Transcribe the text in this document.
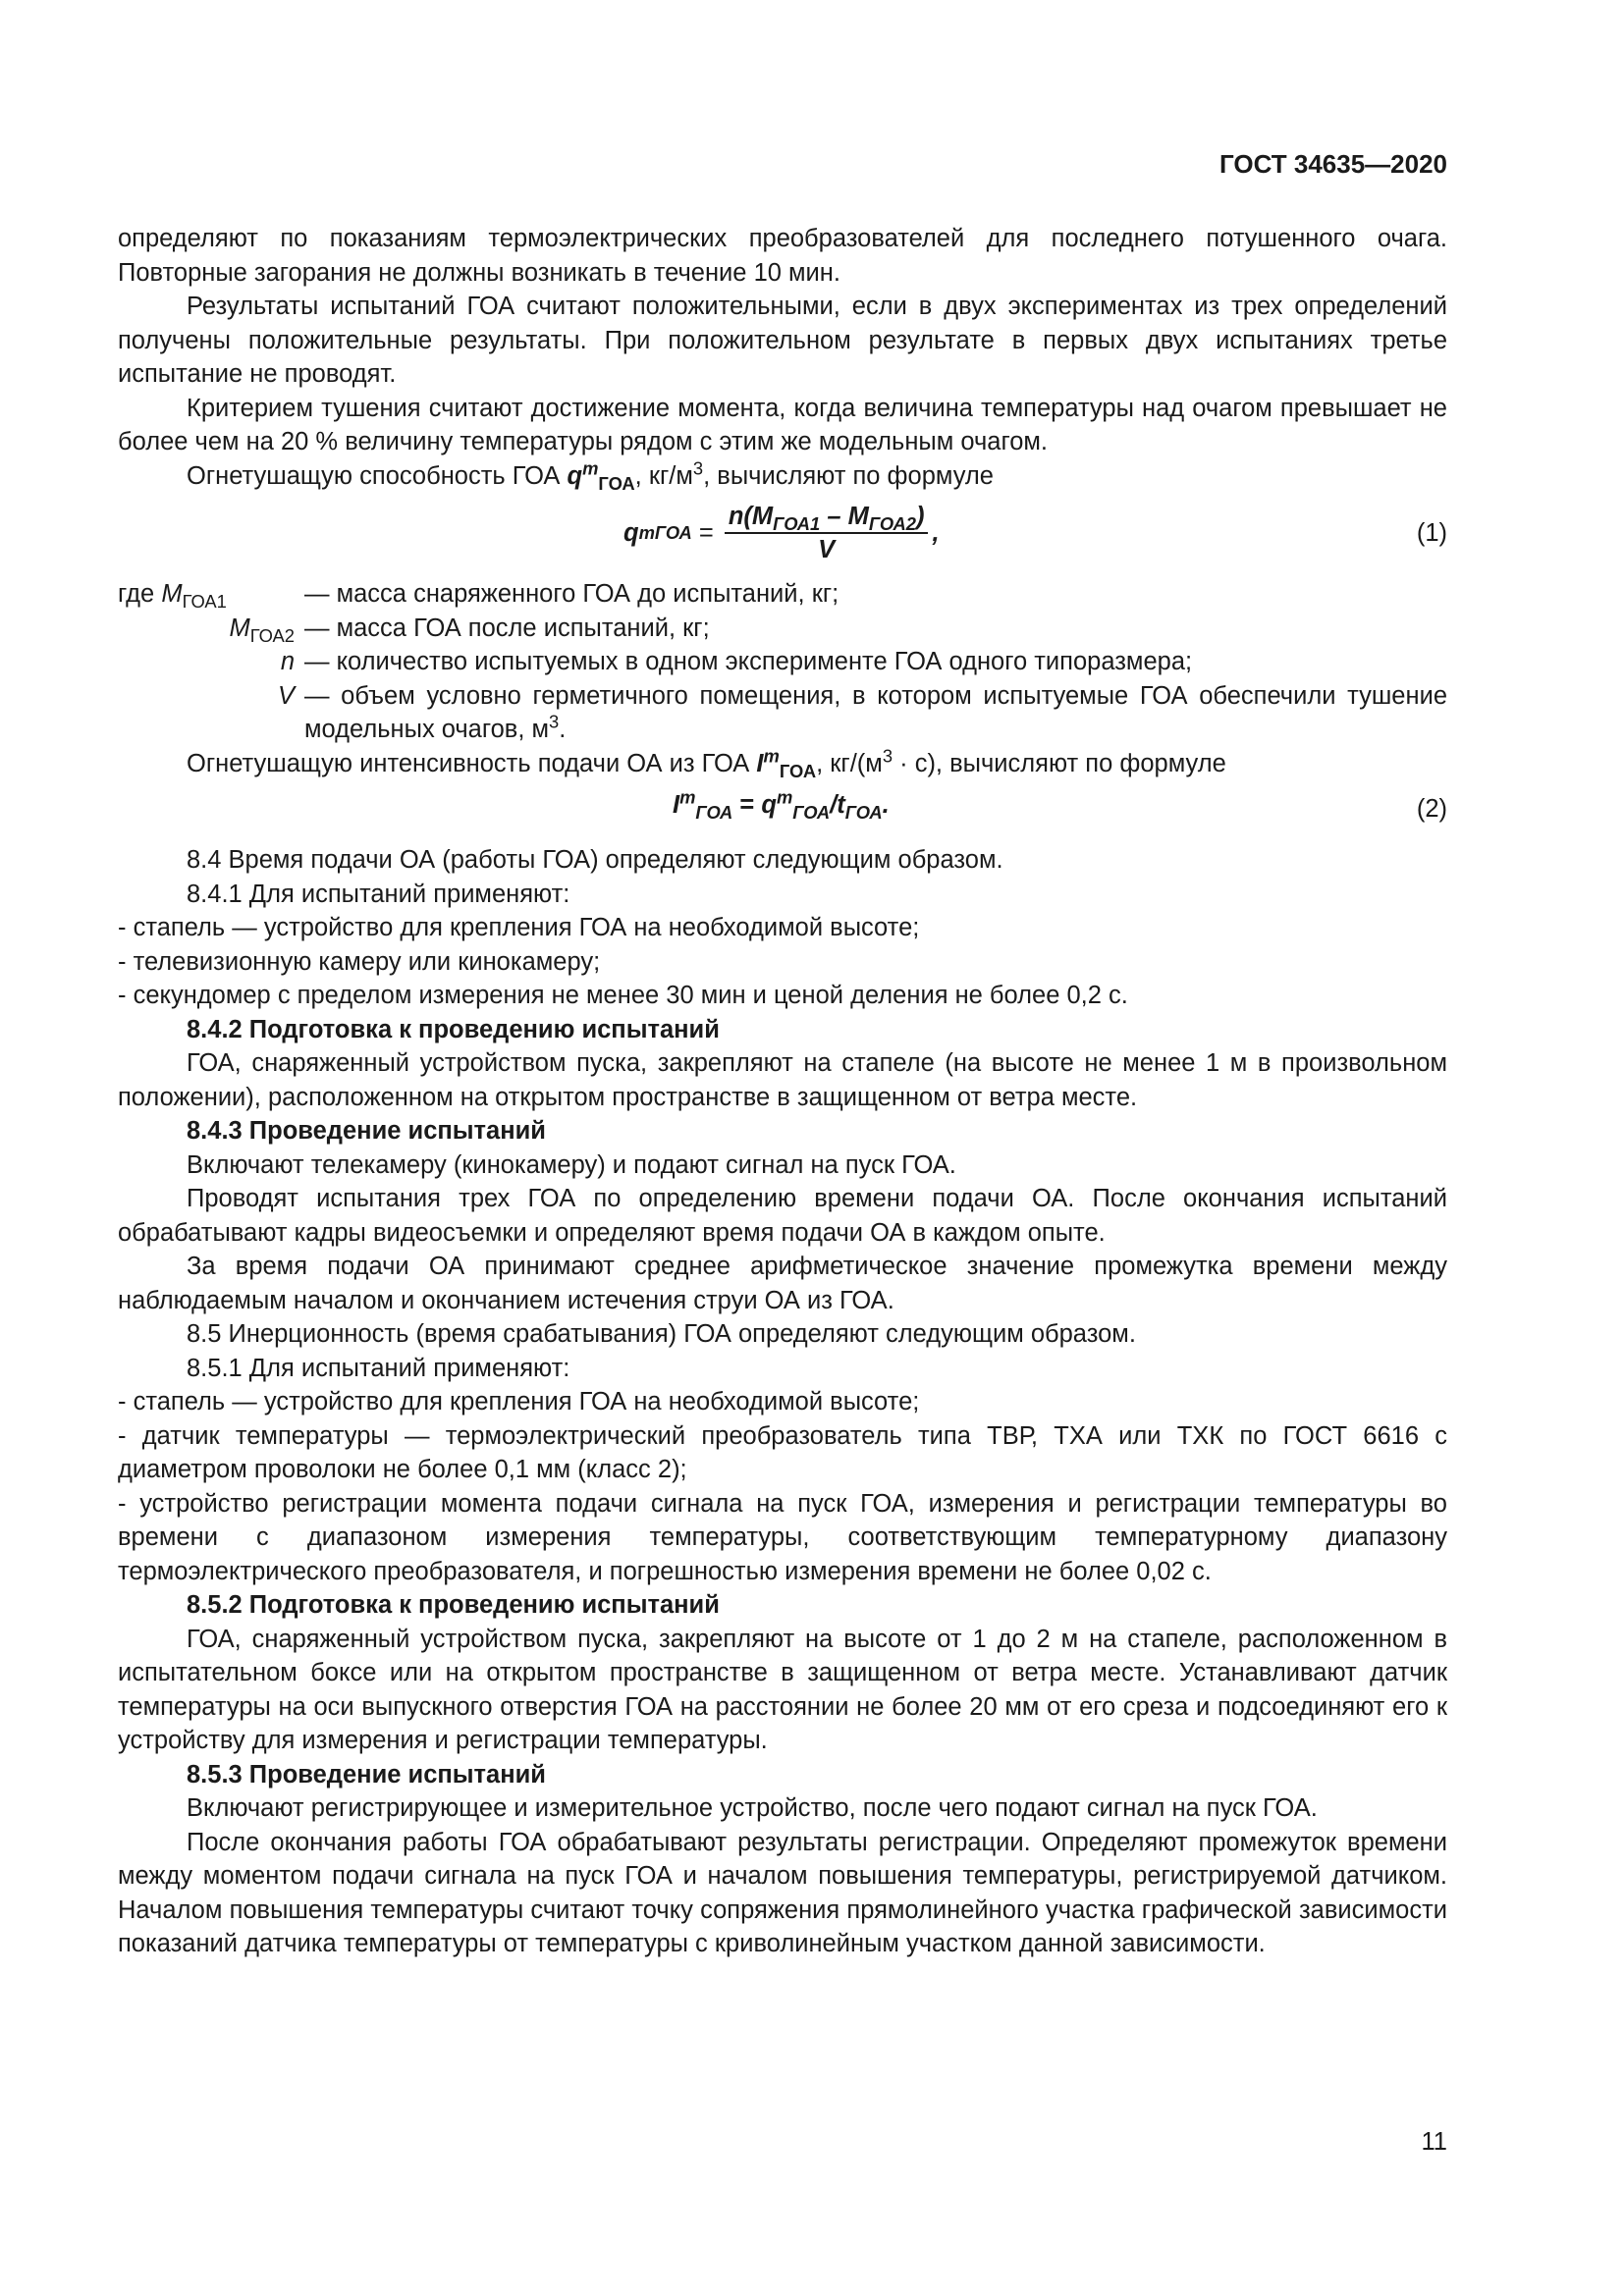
ГОСТ 34635—2020

определяют по показаниям термоэлектрических преобразователей для последнего потушенного очага. Повторные загорания не должны возникать в течение 10 мин.

Результаты испытаний ГОА считают положительными, если в двух экспериментах из трех определений получены положительные результаты. При положительном результате в первых двух испытаниях третье испытание не проводят.

Критерием тушения считают достижение момента, когда величина температуры над очагом превышает не более чем на 20 % величину температуры рядом с этим же модельным очагом.

Огнетушащую способность ГОА $q^m_{ГОА}$, $кг/м^3$, вычисляют по формуле

q m ГОА = $\frac{n(M_{ГОА1} - M_{ГОА2})}{V}$ ,	(1)
где $M_{ГОА1}$	— масса снаряженного ГОА до испытаний, кг;
$M_{ГОА2}$ — масса ГОА после испытаний, кг;
n — количество испытуемых в одном эксперименте ГОА одного типоразмера;
V — объем условно герметичного помещения, в котором испытуемые ГОА обеспечили тушение модельных очагов, $м^3$.

Огнетушащую интенсивность подачи ОА из ГОА $I^m_{ГОА}$, $кг/(м^3 \cdot с)$, вычисляют по формуле

$I^m_{ГОА} = q^m_{ГОА}/t_{ГОА}$.	(2)

8.4 Время подачи ОА (работы ГОА) определяют следующим образом.

8.4.1 Для испытаний применяют:

- стапель — устройство для крепления ГОА на необходимой высоте;

- телевизионную камеру или кинокамеру;

- секундомер с пределом измерения не менее 30 мин и ценой деления не более 0,2 с.

8.4.2 Подготовка к проведению испытаний

ГОА, снаряженный устройством пуска, закрепляют на стапеле (на высоте не менее 1 м в произвольном положении), расположенном на открытом пространстве в защищенном от ветра месте.

8.4.3 Проведение испытаний

Включают телекамеру (кинокамеру) и подают сигнал на пуск ГОА.

Проводят испытания трех ГОА по определению времени подачи ОА. После окончания испытаний обрабатывают кадры видеосъемки и определяют время подачи ОА в каждом опыте.

За время подачи ОА принимают среднее арифметическое значение промежутка времени между наблюдаемым началом и окончанием истечения струи ОА из ГОА.

8.5 Инерционность (время срабатывания) ГОА определяют следующим образом.

8.5.1 Для испытаний применяют:

- стапель — устройство для крепления ГОА на необходимой высоте;

- датчик температуры — термоэлектрический преобразователь типа ТВР, ТХА или ТХК по ГОСТ 6616 с диаметром проволоки не более 0,1 мм (класс 2);

- устройство регистрации момента подачи сигнала на пуск ГОА, измерения и регистрации температуры во времени с диапазоном измерения температуры, соответствующим температурному диапазону термоэлектрического преобразователя, и погрешностью измерения времени не более 0,02 с.

8.5.2 Подготовка к проведению испытаний

ГОА, снаряженный устройством пуска, закрепляют на высоте от 1 до 2 м на стапеле, расположенном в испытательном боксе или на открытом пространстве в защищенном от ветра месте. Устанавливают датчик температуры на оси выпускного отверстия ГОА на расстоянии не более 20 мм от его среза и подсоединяют его к устройству для измерения и регистрации температуры.

8.5.3 Проведение испытаний

Включают регистрирующее и измерительное устройство, после чего подают сигнал на пуск ГОА.

После окончания работы ГОА обрабатывают результаты регистрации. Определяют промежуток времени между моментом подачи сигнала на пуск ГОА и началом повышения температуры, регистрируемой датчиком. Началом повышения температуры считают точку сопряжения прямолинейного участка графической зависимости показаний датчика температуры от температуры с криволинейным участком данной зависимости.

11
